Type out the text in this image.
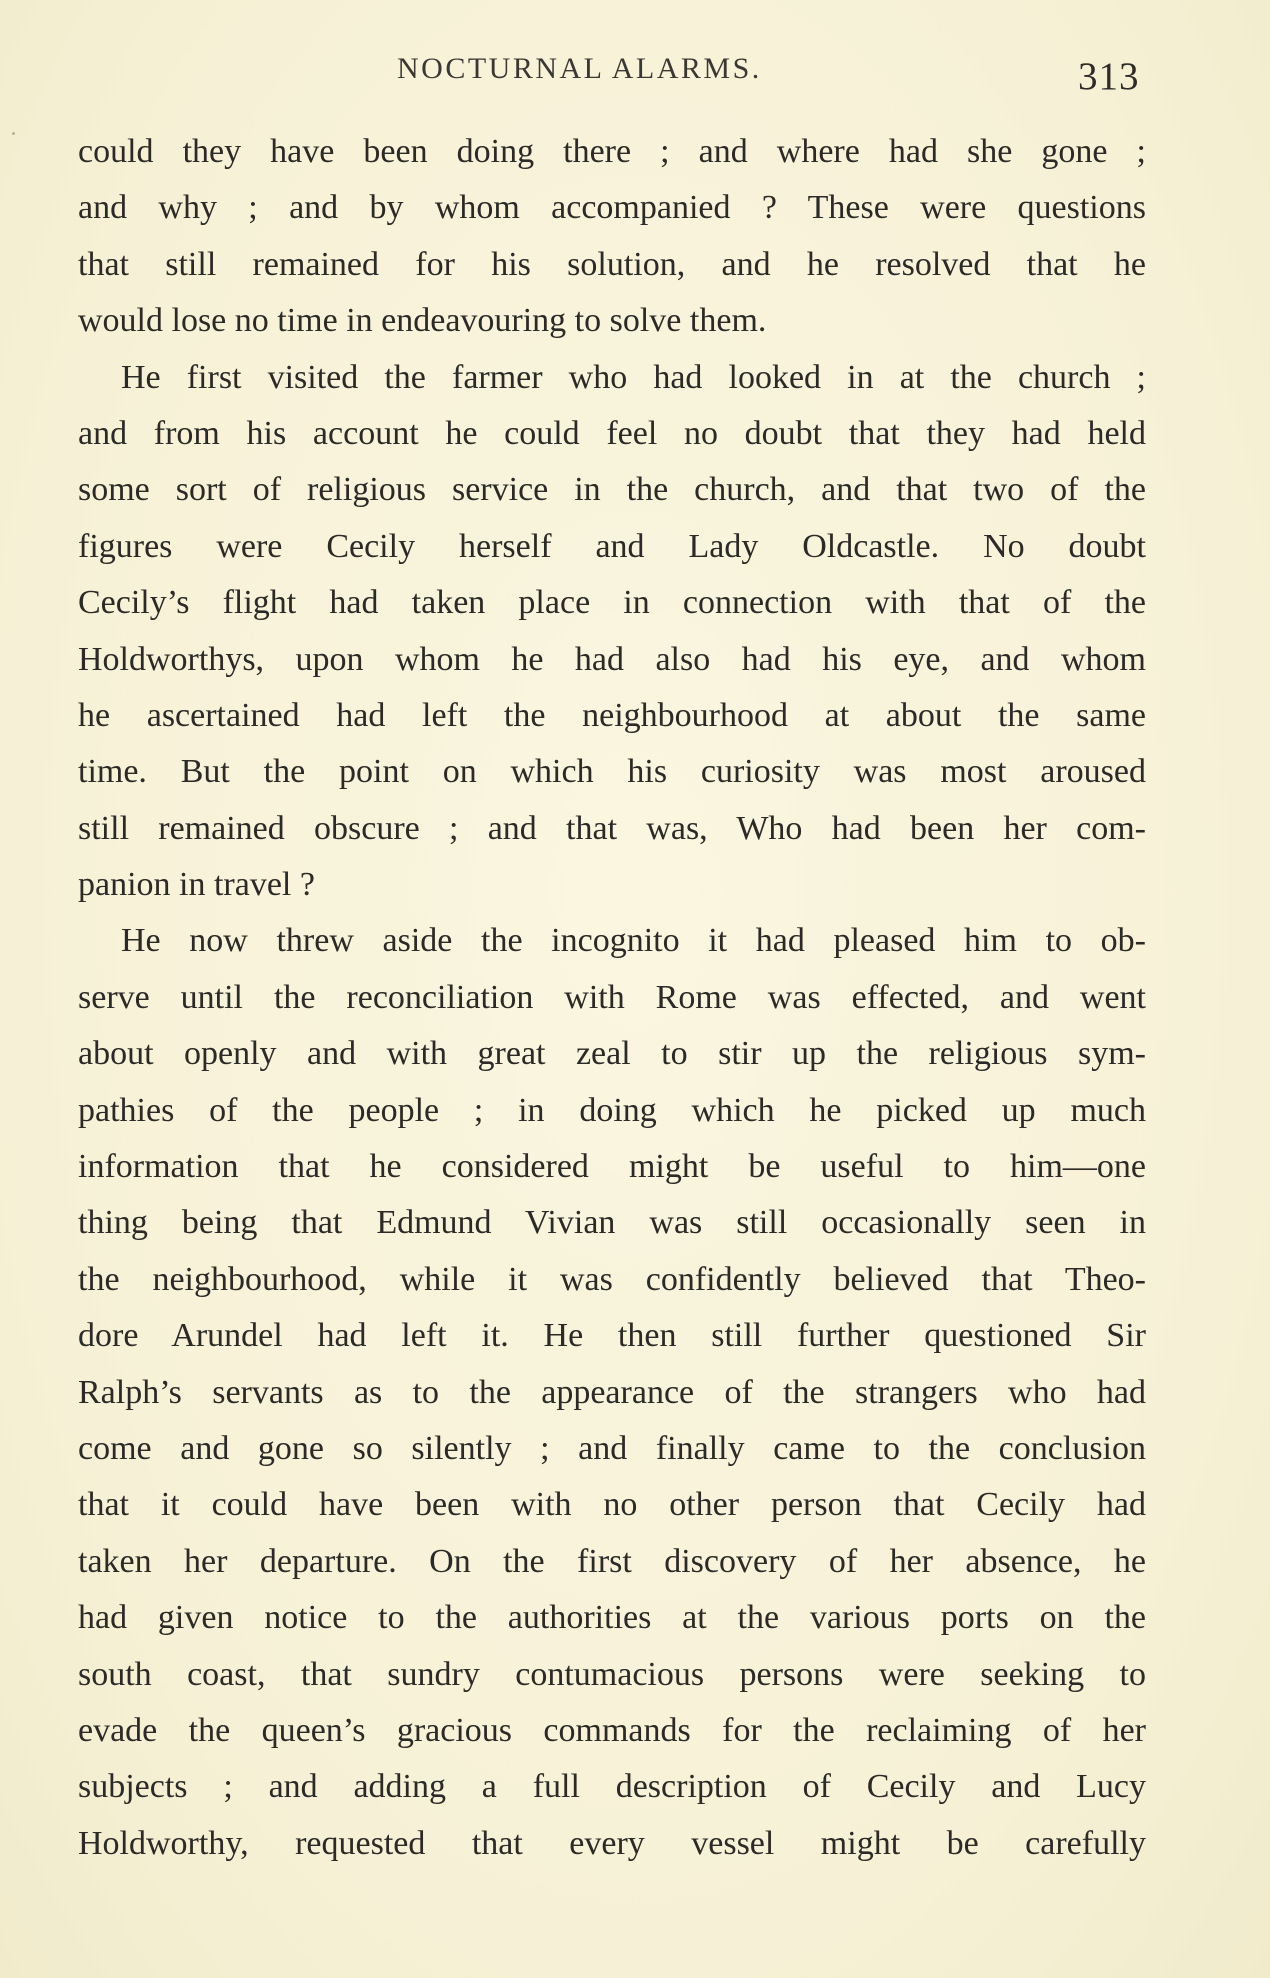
NOCTURNAL ALARMS.	313
could they have been doing there ; and where had she gone ;
and why ; and by whom accompanied ? These were questions
that still remained for his solution, and he resolved that he
would lose no time in endeavouring to solve them.
He first visited the farmer who had looked in at the church ;
and from his account he could feel no doubt that they had held
some sort of religious service in the church, and that two of the
figures were Cecily herself and Lady Oldcastle. No doubt
Cecily’s flight had taken place in connection with that of the
Holdworthys, upon whom he had also had his eye, and whom
he ascertained had left the neighbourhood at about the same
time. But the point on which his curiosity was most aroused
still remained obscure ; and that was, Who had been her com-
panion in travel ?
He now threw aside the incognito it had pleased him to ob-
serve until the reconciliation with Rome was effected, and went
about openly and with great zeal to stir up the religious sym-
pathies of the people ; in doing which he picked up much
information that he considered might be useful to him—one
thing being that Edmund Vivian was still occasionally seen in
the neighbourhood, while it was confidently believed that Theo-
dore Arundel had left it. He then still further questioned Sir
Ralph’s servants as to the appearance of the strangers who had
come and gone so silently ; and finally came to the conclusion
that it could have been with no other person that Cecily had
taken her departure. On the first discovery of her absence, he
had given notice to the authorities at the various ports on the
south coast, that sundry contumacious persons were seeking to
evade the queen’s gracious commands for the reclaiming of her
subjects ; and adding a full description of Cecily and Lucy
Holdworthy, requested that every vessel might be carefully
